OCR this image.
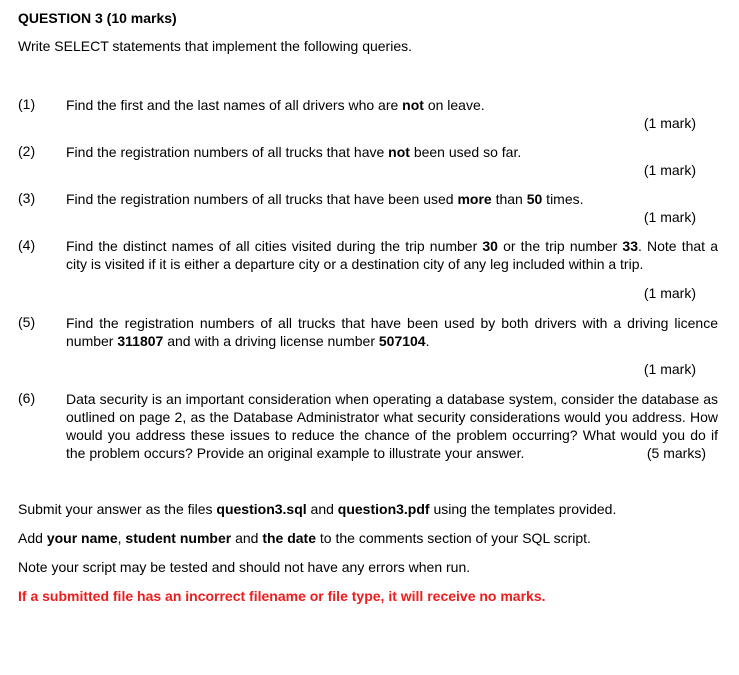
QUESTION 3 (10 marks)
Write SELECT statements that implement the following queries.
(1) Find the first and the last names of all drivers who are not on leave.
(1 mark)
(2) Find the registration numbers of all trucks that have not been used so far.
(1 mark)
(3) Find the registration numbers of all trucks that have been used more than 50 times.
(1 mark)
(4) Find the distinct names of all cities visited during the trip number 30 or the trip number 33. Note that a city is visited if it is either a departure city or a destination city of any leg included within a trip.
(1 mark)
(5) Find the registration numbers of all trucks that have been used by both drivers with a driving licence number 311807 and with a driving license number 507104.
(1 mark)
(6) Data security is an important consideration when operating a database system, consider the database as outlined on page 2, as the Database Administrator what security considerations would you address. How would you address these issues to reduce the chance of the problem occurring? What would you do if the problem occurs? Provide an original example to illustrate your answer.	(5 marks)
Submit your answer as the files question3.sql and question3.pdf using the templates provided.
Add your name, student number and the date to the comments section of your SQL script.
Note your script may be tested and should not have any errors when run.
If a submitted file has an incorrect filename or file type, it will receive no marks.
